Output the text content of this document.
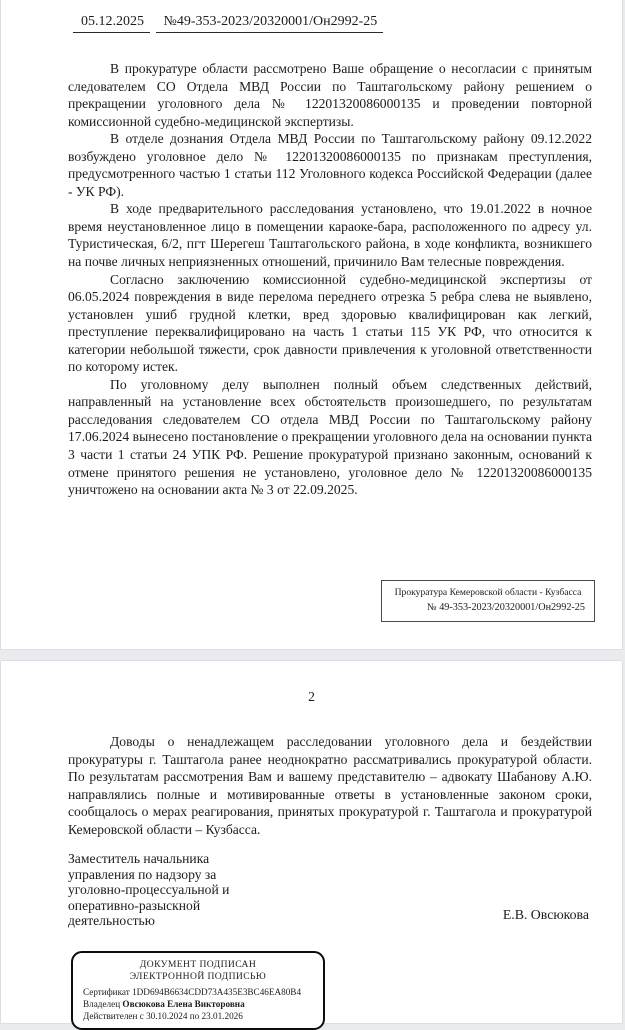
05.12.2025 №49-353-2023/20320001/Он2992-25

В прокуратуре области рассмотрено Ваше обращение о несогласии с принятым следователем СО Отдела МВД России по Таштагольскому району решением о прекращении уголовного дела № 12201320086000135 и проведении повторной комиссионной судебно-медицинской экспертизы.

В отделе дознания Отдела МВД России по Таштагольскому району 09.12.2022 возбуждено уголовное дело № 12201320086000135 по признакам преступления, предусмотренного частью 1 статьи 112 Уголовного кодекса Российской Федерации (далее - УК РФ).

В ходе предварительного расследования установлено, что 19.01.2022 в ночное время неустановленное лицо в помещении караоке-бара, расположенного по адресу ул. Туристическая, 6/2, пгт Шерегеш Таштагольского района, в ходе конфликта, возникшего на почве личных неприязненных отношений, причинило Вам телесные повреждения.

Согласно заключению комиссионной судебно-медицинской экспертизы от 06.05.2024 повреждения в виде перелома переднего отрезка 5 ребра слева не выявлено, установлен ушиб грудной клетки, вред здоровью квалифицирован как легкий, преступление переквалифицировано на часть 1 статьи 115 УК РФ, что относится к категории небольшой тяжести, срок давности привлечения к уголовной ответственности по которому истек.

По уголовному делу выполнен полный объем следственных действий, направленный на установление всех обстоятельств произошедшего, по результатам расследования следователем СО отдела МВД России по Таштагольскому району 17.06.2024 вынесено постановление о прекращении уголовного дела на основании пункта 3 части 1 статьи 24 УПК РФ. Решение прокуратурой признано законным, оснований к отмене принятого решения не установлено, уголовное дело № 12201320086000135 уничтожено на основании акта № 3 от 22.09.2025.

Прокуратура Кемеровской области - Кузбасса
№ 49-353-2023/20320001/Он2992-25
2

Доводы о ненадлежащем расследовании уголовного дела и бездействии прокуратуры г. Таштагола ранее неоднократно рассматривались прокуратурой области. По результатам рассмотрения Вам и вашему представителю – адвокату Шабанову А.Ю. направлялись полные и мотивированные ответы в установленные законом сроки, сообщалось о мерах реагирования, принятых прокуратурой г. Таштагола и прокуратурой Кемеровской области – Кузбасса.

Заместитель начальника
управления по надзору за
уголовно-процессуальной и
оперативно-разыскной
деятельностью	Е.В. Овсюкова
ДОКУМЕНТ ПОДПИСАН
ЭЛЕКТРОННОЙ ПОДПИСЬЮ
Сертификат 1DD694B6634CDD73A435E3BC46EA80B4
Владелец Овсюкова Елена Викторовна
Действителен с 30.10.2024 по 23.01.2026
